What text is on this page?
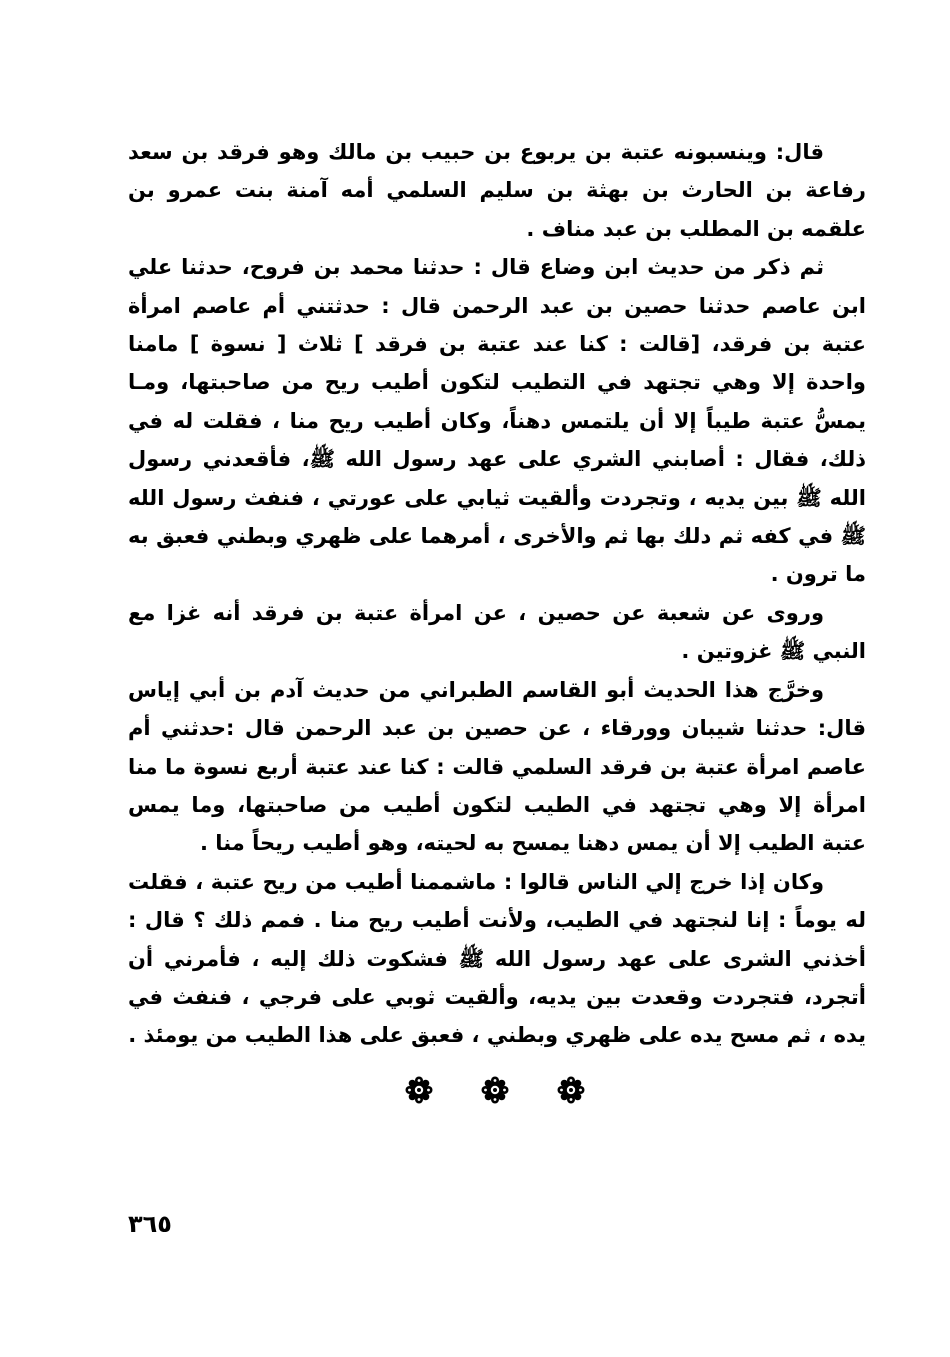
قال: وينسبونه عتبة بن يربوع بن حبيب بن مالك وهو فرقد بن سعد رفاعة بن الحارث بن بهثة بن سليم السلمي أمه آمنة بنت عمرو بن علقمه بن المطلب بن عبد مناف .

ثم ذكر من حديث ابن وضاع قال : حدثنا محمد بن فروح، حدثنا علي ابن عاصم حدثنا حصين بن عبد الرحمن قال : حدثتني أم عاصم امرأة عتبة بن فرقد، [قالت : كنا عند عتبة بن فرقد ] ثلاث [ نسوة ] مامنا واحدة إلا وهي تجتهد في التطيب لتكون أطيب ريح من صاحبتها، ومـا يمسُّ عتبة طيباً إلا أن يلتمس دهناً، وكان أطيب ريح منا ، فقلت له في ذلك، فقال : أصابني الشري على عهد رسول الله ﷺ، فأقعدني رسول الله ﷺ بين يديه ، وتجردت وألقيت ثيابي على عورتي ، فنفث رسول الله ﷺ في كفه ثم دلك بها ثم والأخرى ، أمرهما على ظهري وبطني فعبق به ما ترون .

وروى عن شعبة عن حصين ، عن امرأة عتبة بن فرقد أنه غزا مع النبي ﷺ غزوتين .

وخرَّج هذا الحديث أبو القاسم الطبراني من حديث آدم بن أبي إياس قال: حدثنا شيبان وورقاء ، عن حصين بن عبد الرحمن قال :حدثني أم عاصم امرأة عتبة بن فرقد السلمي قالت : كنا عند عتبة أربع نسوة ما منا امرأة إلا وهي تجتهد في الطيب لتكون أطيب من صاحبتها، وما يمس عتبة الطيب إلا أن يمس دهنا يمسح به لحيته، وهو أطيب ريحاً منا .

وكان إذا خرج إلي الناس قالوا : ماشممنا أطيب من ريح عتبة ، فقلت له يوماً : إنا لنجتهد في الطيب، ولأنت أطيب ريح منا . فمم ذلك ؟ قال : أخذني الشرى على عهد رسول الله ﷺ فشكوت ذلك إليه ، فأمرني أن أتجرد، فتجردت وقعدت بين يديه، وألقيت ثوبي على فرجي ، فنفث في يده ، ثم مسح يده على ظهري وبطني ، فعبق على هذا الطيب من يومئذ .

٣٦٥
